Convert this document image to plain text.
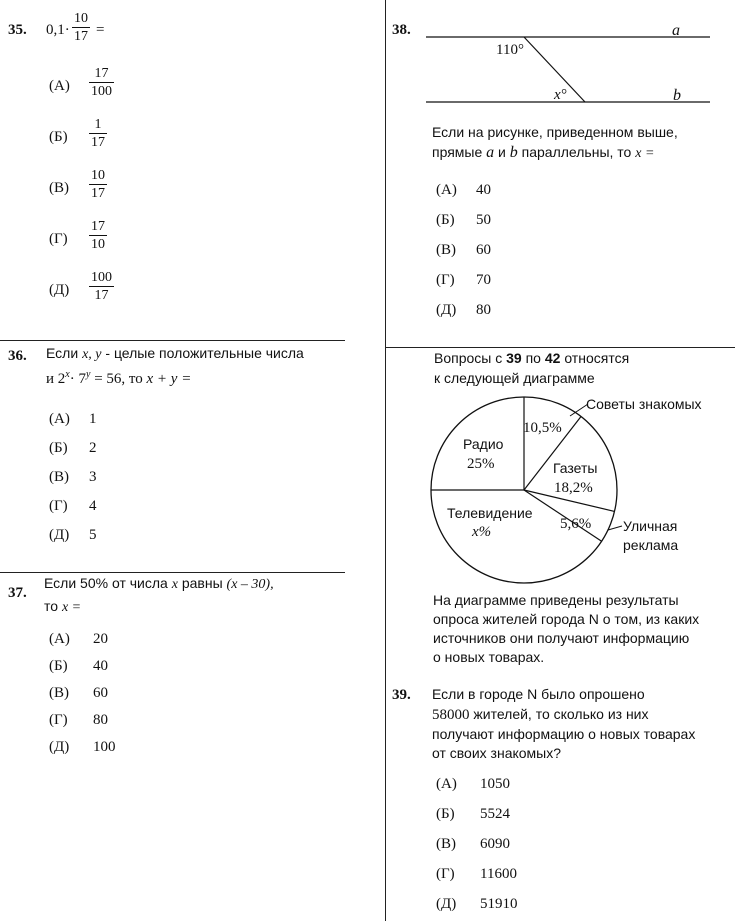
35. $0,1\cdot \frac{10}{17}$ =
$(А) \frac{17}{100}$
$(Б) \frac{1}{17}$
$(В) \frac{10}{17}$
$(Г) \frac{17}{10}$
$(Д) \frac{100}{17}$
36. Если x, y - целые положительные числа
и $2^x\cdot 7^y = 56$, то x + y =
(А) 1
(Б) 2
(В) 3
(Г) 4
(Д) 5
37.
Если 50% от числа x равны (x – 30),
то x =
(А) 20
(Б) 40
(В) 60
(Г) 80
(Д) 100
38.	a
b
110°
x°
Если на рисунке, приведенном выше,
прямые a и b параллельны, то x =
(А) 40
(Б) 50
(В) 60
(Г) 70
(Д) 80
Вопросы с 39 по 42 относятся
к следующей диаграмме
Радио
25%
Советы знакомых
10,5%
Газеты
18,2%
5,6% Уличная
реклама
Телевидение
x%
На диаграмме приведены результаты
опроса жителей города N о том, из каких
источников они получают информацию
о новых товарах.
39. Если в городе N было опрошено
58000 жителей, то сколько из них
получают информацию о новых товарах
от своих знакомых?
(А) 1050
(Б) 5524
(В) 6090
(Г) 11600
(Д) 51910
